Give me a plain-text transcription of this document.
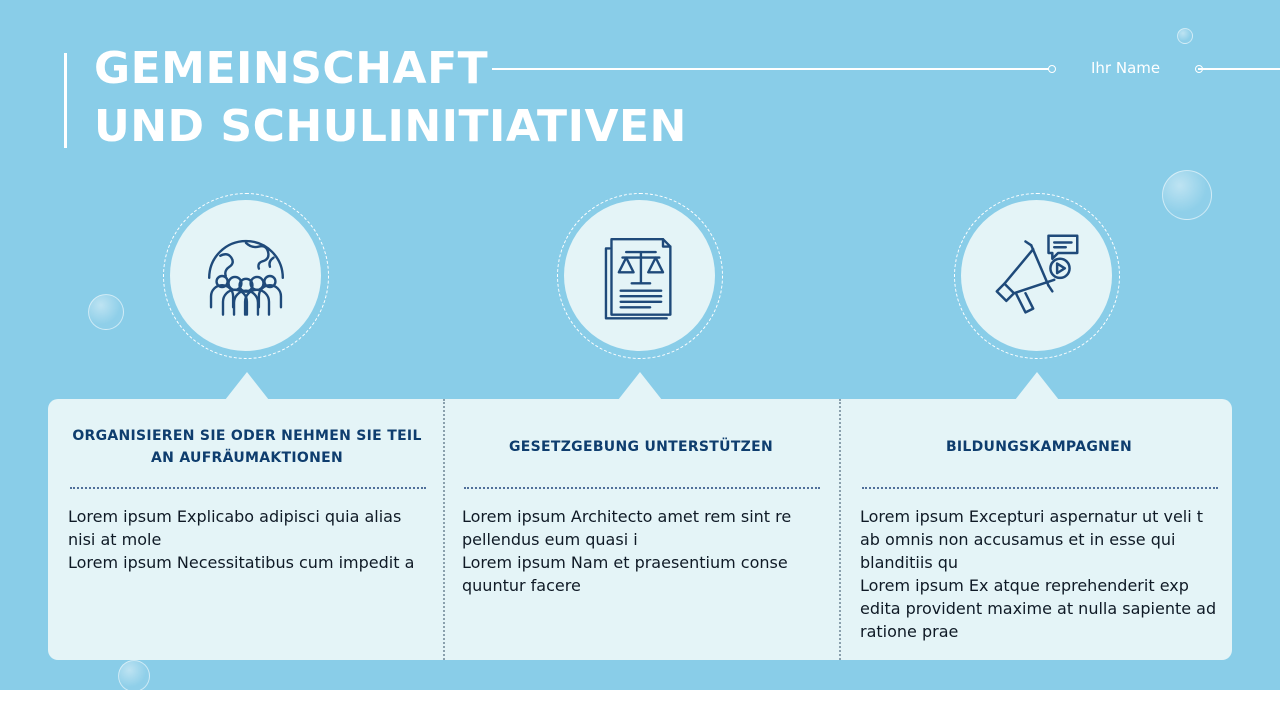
GEMEINSCHAFT
UND SCHULINITIATIVEN
Ihr Name
ORGANISIEREN SIE ODER NEHMEN SIE TEIL AN AUFRÄUMAKTIONEN

Lorem ipsum Explicabo adipisci quia alias nisi at mole

Lorem ipsum Necessitatibus cum impedit a

GESETZGEBUNG UNTERSTÜTZEN

Lorem ipsum Architecto amet rem sint re pellendus eum quasi i

Lorem ipsum Nam et praesentium conse quuntur facere

BILDUNGSKAMPAGNEN

Lorem ipsum Excepturi aspernatur ut veli t ab omnis non accusamus et in esse qui blanditiis qu

Lorem ipsum Ex atque reprehenderit exp edita provident maxime at nulla sapiente ad ratione prae
